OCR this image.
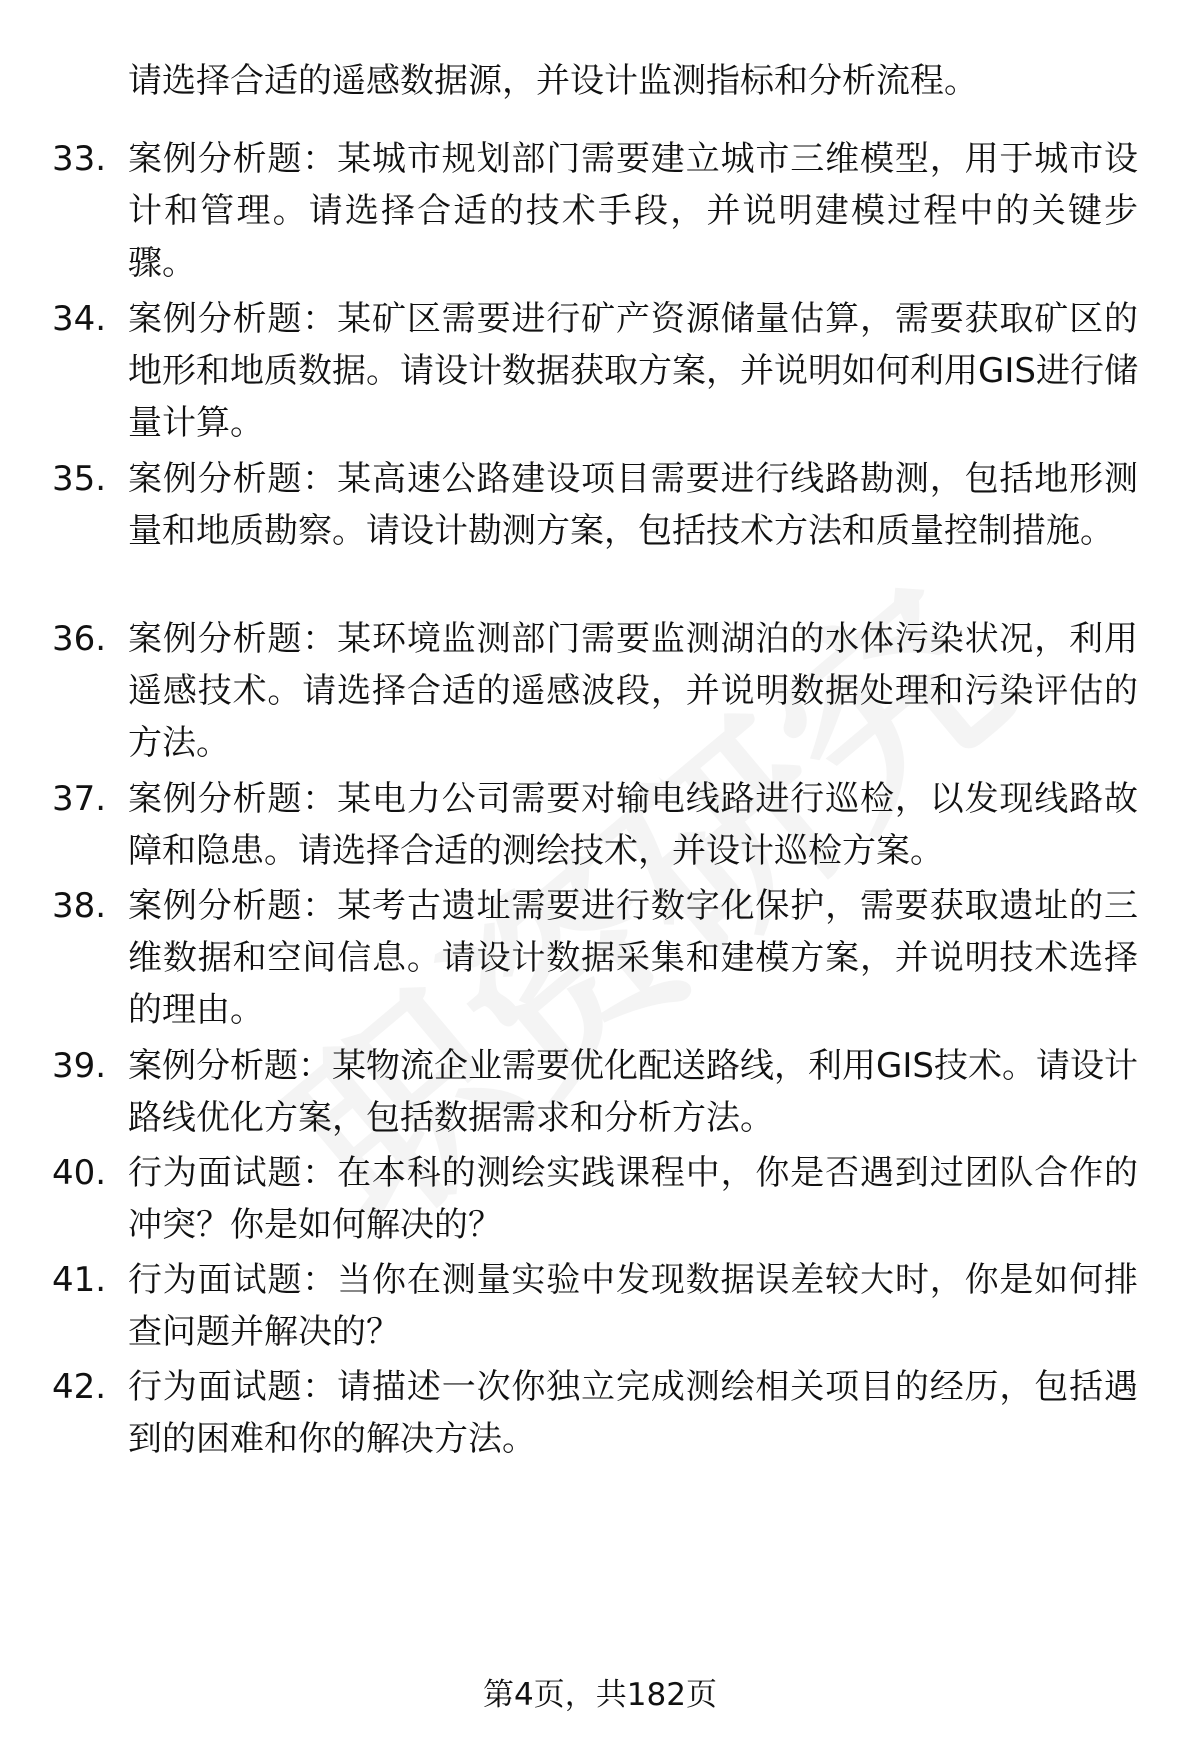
请选择合适的遥感数据源，并设计监测指标和分析流程。

33. 案例分析题：某城市规划部门需要建立城市三维模型，用于城市设计和管理。请选择合适的技术手段，并说明建模过程中的关键步骤。

34. 案例分析题：某矿区需要进行矿产资源储量估算，需要获取矿区的地形和地质数据。请设计数据获取方案，并说明如何利用GIS进行储量计算。

35. 案例分析题：某高速公路建设项目需要进行线路勘测，包括地形测量和地质勘察。请设计勘测方案，包括技术方法和质量控制措施。

36. 案例分析题：某环境监测部门需要监测湖泊的水体污染状况，利用遥感技术。请选择合适的遥感波段，并说明数据处理和污染评估的方法。

37. 案例分析题：某电力公司需要对输电线路进行巡检，以发现线路故障和隐患。请选择合适的测绘技术，并设计巡检方案。

38. 案例分析题：某考古遗址需要进行数字化保护，需要获取遗址的三维数据和空间信息。请设计数据采集和建模方案，并说明技术选择的理由。

39. 案例分析题：某物流企业需要优化配送路线，利用GIS技术。请设计路线优化方案，包括数据需求和分析方法。

40. 行为面试题：在本科的测绘实践课程中，你是否遇到过团队合作的冲突？你是如何解决的？

41. 行为面试题：当你在测量实验中发现数据误差较大时，你是如何排查问题并解决的？

42. 行为面试题：请描述一次你独立完成测绘相关项目的经历，包括遇到的困难和你的解决方法。

第4页，共182页
